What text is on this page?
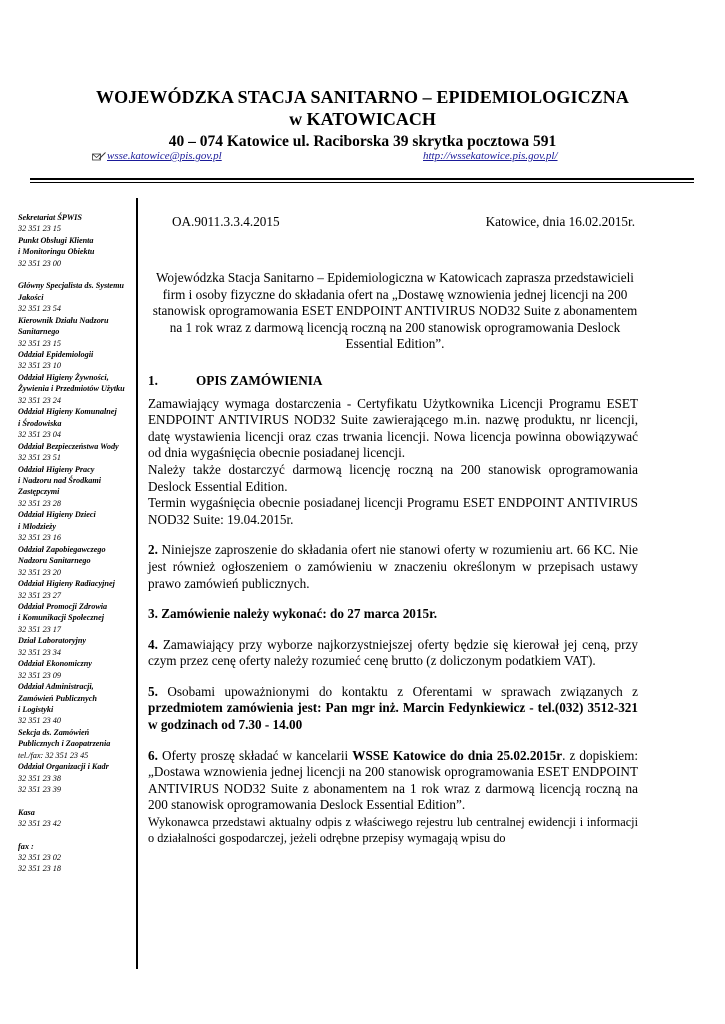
WOJEWÓDZKA STACJA SANITARNO – EPIDEMIOLOGICZNA
w KATOWICACH
40 – 074 Katowice ul. Raciborska 39 skrytka pocztowa 591
wsse.katowice@pis.gov.pl	http://wssekatowice.pis.gov.pl/
Sekretariat ŚPWIS
32 351 23 15
Punkt Obsługi Klienta
i Monitoringu Obiektu
32 351 23 00
Główny Specjalista ds. Systemu
Jakości
32 351 23 54
Kierownik Działu Nadzoru
Sanitarnego
32 351 23 15
Oddział Epidemiologii
32 351 23 10
Oddział Higieny Żywności,
Żywienia i Przedmiotów Użytku
32 351 23 24
Oddział Higieny Komunalnej
i Środowiska
32 351 23 04
Oddział Bezpieczeństwa Wody
32 351 23 51
Oddział Higieny Pracy
i Nadzoru nad Środkami
Zastępczymi
32 351 23 28
Oddział Higieny Dzieci
i Młodzieży
32 351 23 16
Oddział Zapobiegawczego
Nadzoru Sanitarnego
32 351 23 20
Oddział Higieny Radiacyjnej
32 351 23 27
Oddział Promocji Zdrowia
i Komunikacji Społecznej
32 351 23 17
Dział Laboratoryjny
32 351 23 34
Oddział Ekonomiczny
32 351 23 09
Oddział Administracji,
Zamówień Publicznych
i Logistyki
32 351 23 40
Sekcja ds. Zamówień
Publicznych i Zaopatrzenia
tel./fax: 32 351 23 45
Oddział Organizacji i Kadr
32 351 23 38
32 351 23 39
Kasa
32 351 23 42
fax :
32 351 23 02
32 351 23 18
OA.9011.3.3.4.2015	Katowice, dnia 16.02.2015r.
Wojewódzka Stacja Sanitarno – Epidemiologiczna w Katowicach zaprasza przedstawicieli firm i osoby fizyczne do składania ofert na „Dostawę wznowienia jednej licencji na 200 stanowisk oprogramowania ESET ENDPOINT ANTIVIRUS NOD32 Suite z abonamentem na 1 rok wraz z darmową licencją roczną na 200 stanowisk oprogramowania Deslock Essential Edition”.
1.	OPIS ZAMÓWIENIA
Zamawiający wymaga dostarczenia - Certyfikatu Użytkownika Licencji Programu ESET ENDPOINT ANTIVIRUS NOD32 Suite zawierającego m.in. nazwę produktu, nr licencji, datę wystawienia licencji oraz czas trwania licencji. Nowa licencja powinna obowiązywać od dnia wygaśnięcia obecnie posiadanej licencji.
Należy także dostarczyć darmową licencję roczną na 200 stanowisk oprogramowania Deslock Essential Edition.
Termin wygaśnięcia obecnie posiadanej licencji Programu ESET ENDPOINT ANTIVIRUS NOD32 Suite: 19.04.2015r.
2. Niniejsze zaproszenie do składania ofert nie stanowi oferty w rozumieniu art. 66 KC. Nie jest również ogłoszeniem o zamówieniu w znaczeniu określonym w przepisach ustawy prawo zamówień publicznych.
3. Zamówienie należy wykonać: do 27 marca 2015r.
4. Zamawiający przy wyborze najkorzystniejszej oferty będzie się kierował jej ceną, przy czym przez cenę oferty należy rozumieć cenę brutto (z doliczonym podatkiem VAT).
5. Osobami upoważnionymi do kontaktu z Oferentami w sprawach związanych z przedmiotem zamówienia jest: Pan mgr inż. Marcin Fedynkiewicz - tel.(032) 3512-321 w godzinach od 7.30 - 14.00
6. Oferty proszę składać w kancelarii WSSE Katowice do dnia 25.02.2015r. z dopiskiem: „Dostawa wznowienia jednej licencji na 200 stanowisk oprogramowania ESET ENDPOINT ANTIVIRUS NOD32 Suite z abonamentem na 1 rok wraz z darmową licencją roczną na 200 stanowisk oprogramowania Deslock Essential Edition”.
Wykonawca przedstawi aktualny odpis z właściwego rejestru lub centralnej ewidencji i informacji o działalności gospodarczej, jeżeli odrębne przepisy wymagają wpisu do
